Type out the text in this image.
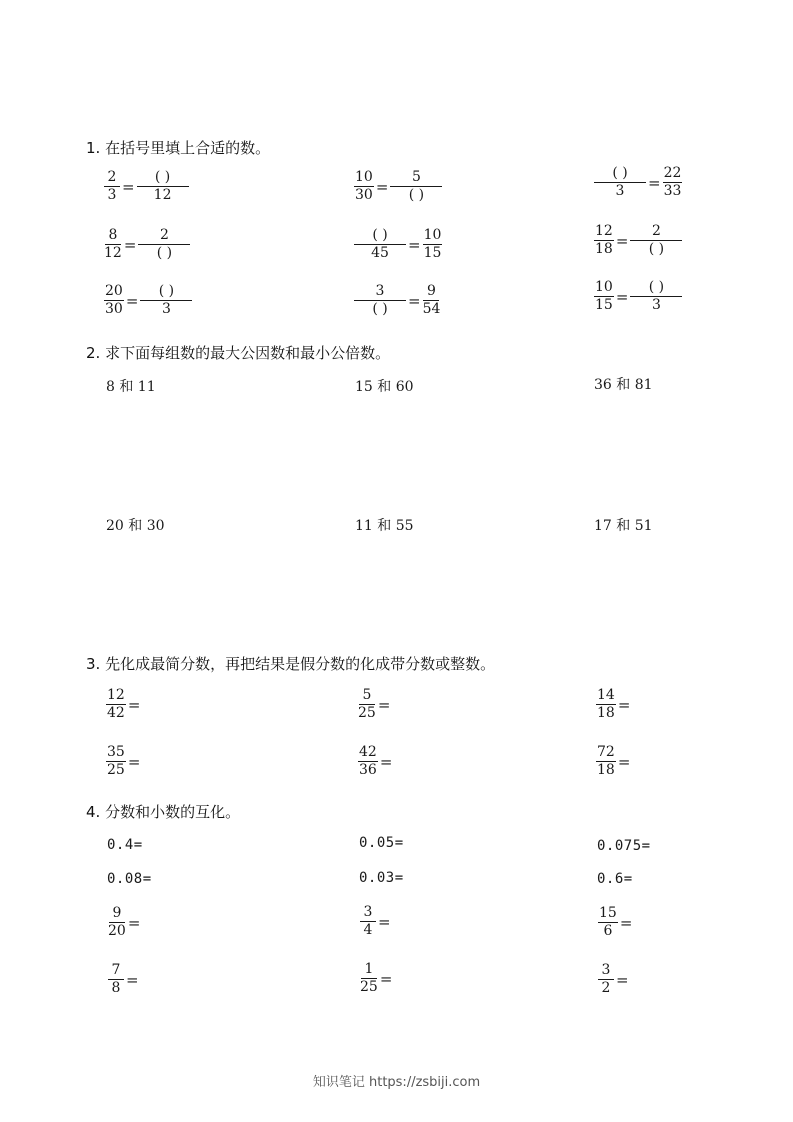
1. 在括号里填上合适的数。
$\frac{2}{3} = \frac{( )}{12}$	$\frac{10}{30} = \frac{5}{( )}$	$\frac{( )}{3} = \frac{22}{33}$
$\frac{8}{12} = \frac{2}{( )}$	$\frac{( )}{45} = \frac{10}{15}$	$\frac{12}{18} = \frac{2}{( )}$
$\frac{20}{30} = \frac{( )}{3}$	$\frac{3}{( )} = \frac{9}{54}$	$\frac{10}{15} = \frac{( )}{3}$
2. 求下面每组数的最大公因数和最小公倍数。
8 和 11	15 和 60	36 和 81
20 和 30	11 和 55	17 和 51
3. 先化成最简分数，再把结果是假分数的化成带分数或整数。
$\frac{12}{42}$ =	$\frac{5}{25}$ =	$\frac{14}{18}$ =
$\frac{35}{25}$ =	$\frac{42}{36}$ =	$\frac{72}{18}$ =
4. 分数和小数的互化。
0.4=	0.05=	0.075=
0.08=	0.03=	0.6=
$\frac{9}{20}$ =	$\frac{3}{4}$ =	$\frac{15}{6}$ =
$\frac{7}{8}$ =	$\frac{1}{25}$ =	$\frac{3}{2}$ =
知识笔记 https://zsbiji.com
